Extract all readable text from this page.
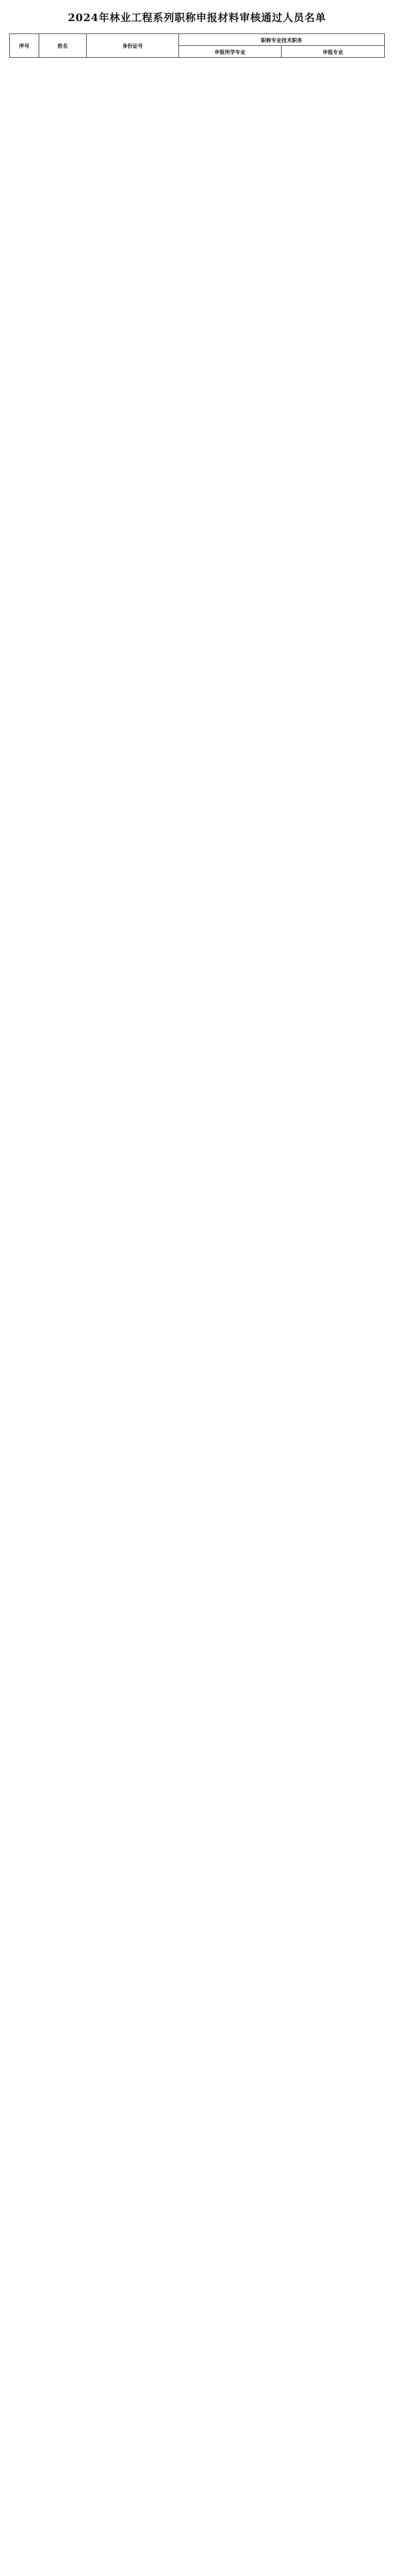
2024年林业工程系列职称申报材料审核通过人员名单
序号	姓名	身份证号	职称专业技术职务	
			申报所学专业	申报专业
